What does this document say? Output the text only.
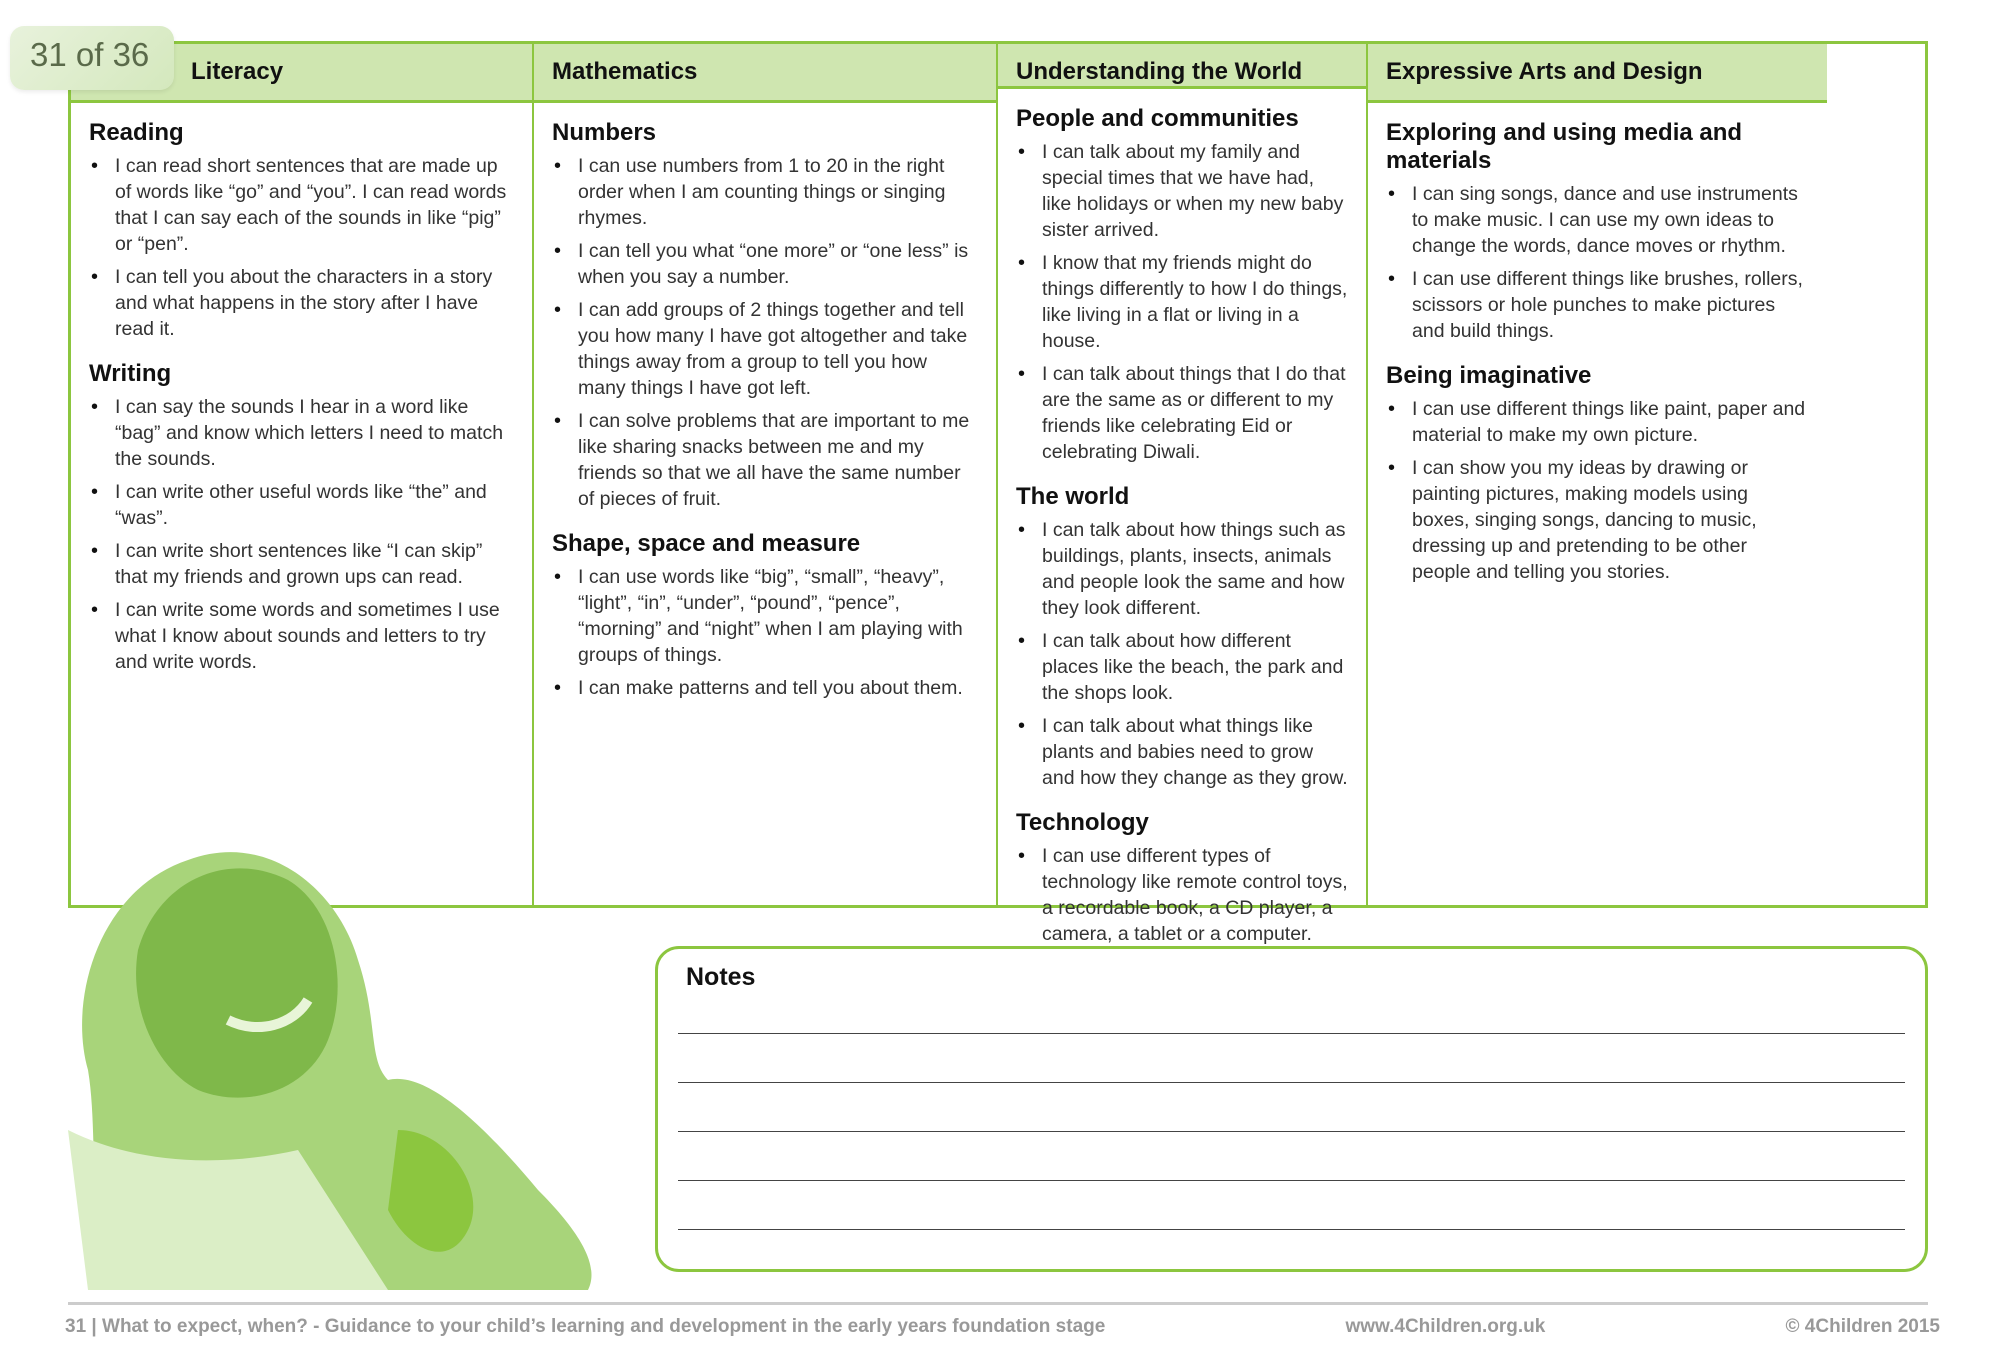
Literacy
Reading
• I can read short sentences that are made up of words like “go” and “you”. I can read words that I can say each of the sounds in like “pig” or “pen”.
• I can tell you about the characters in a story and what happens in the story after I have read it.
Writing
• I can say the sounds I hear in a word like “bag” and know which letters I need to match the sounds.
• I can write other useful words like “the” and “was”.
• I can write short sentences like “I can skip” that my friends and grown ups can read.
• I can write some words and sometimes I use what I know about sounds and letters to try and write words.
Mathematics
Numbers
• I can use numbers from 1 to 20 in the right order when I am counting things or singing rhymes.
• I can tell you what “one more” or “one less” is when you say a number.
• I can add groups of 2 things together and tell you how many I have got altogether and take things away from a group to tell you how many things I have got left.
• I can solve problems that are important to me like sharing snacks between me and my friends so that we all have the same number of pieces of fruit.
Shape, space and measure
• I can use words like “big”, “small”, “heavy”, “light”, “in”, “under”, “pound”, “pence”, “morning” and “night” when I am playing with groups of things.
• I can make patterns and tell you about them.
Understanding the World
People and communities
• I can talk about my family and special times that we have had, like holidays or when my new baby sister arrived.
• I know that my friends might do things differently to how I do things, like living in a flat or living in a house.
• I can talk about things that I do that are the same as or different to my friends like celebrating Eid or celebrating Diwali.
The world
• I can talk about how things such as buildings, plants, insects, animals and people look the same and how they look different.
• I can talk about how different places like the beach, the park and the shops look.
• I can talk about what things like plants and babies need to grow and how they change as they grow.
Technology
• I can use different types of technology like remote control toys, a recordable book, a CD player, a camera, a tablet or a computer.
Expressive Arts and Design
Exploring and using media and materials
• I can sing songs, dance and use instruments to make music. I can use my own ideas to change the words, dance moves or rhythm.
• I can use different things like brushes, rollers, scissors or hole punches to make pictures and build things.
Being imaginative
• I can use different things like paint, paper and material to make my own picture.
• I can show you my ideas by drawing or painting pictures, making models using boxes, singing songs, dancing to music, dressing up and pretending to be other people and telling you stories.
31 of 36
Notes
31 | What to expect, when? - Guidance to your child’s learning and development in the early years foundation stage	www.4Children.org.uk	© 4Children 2015
